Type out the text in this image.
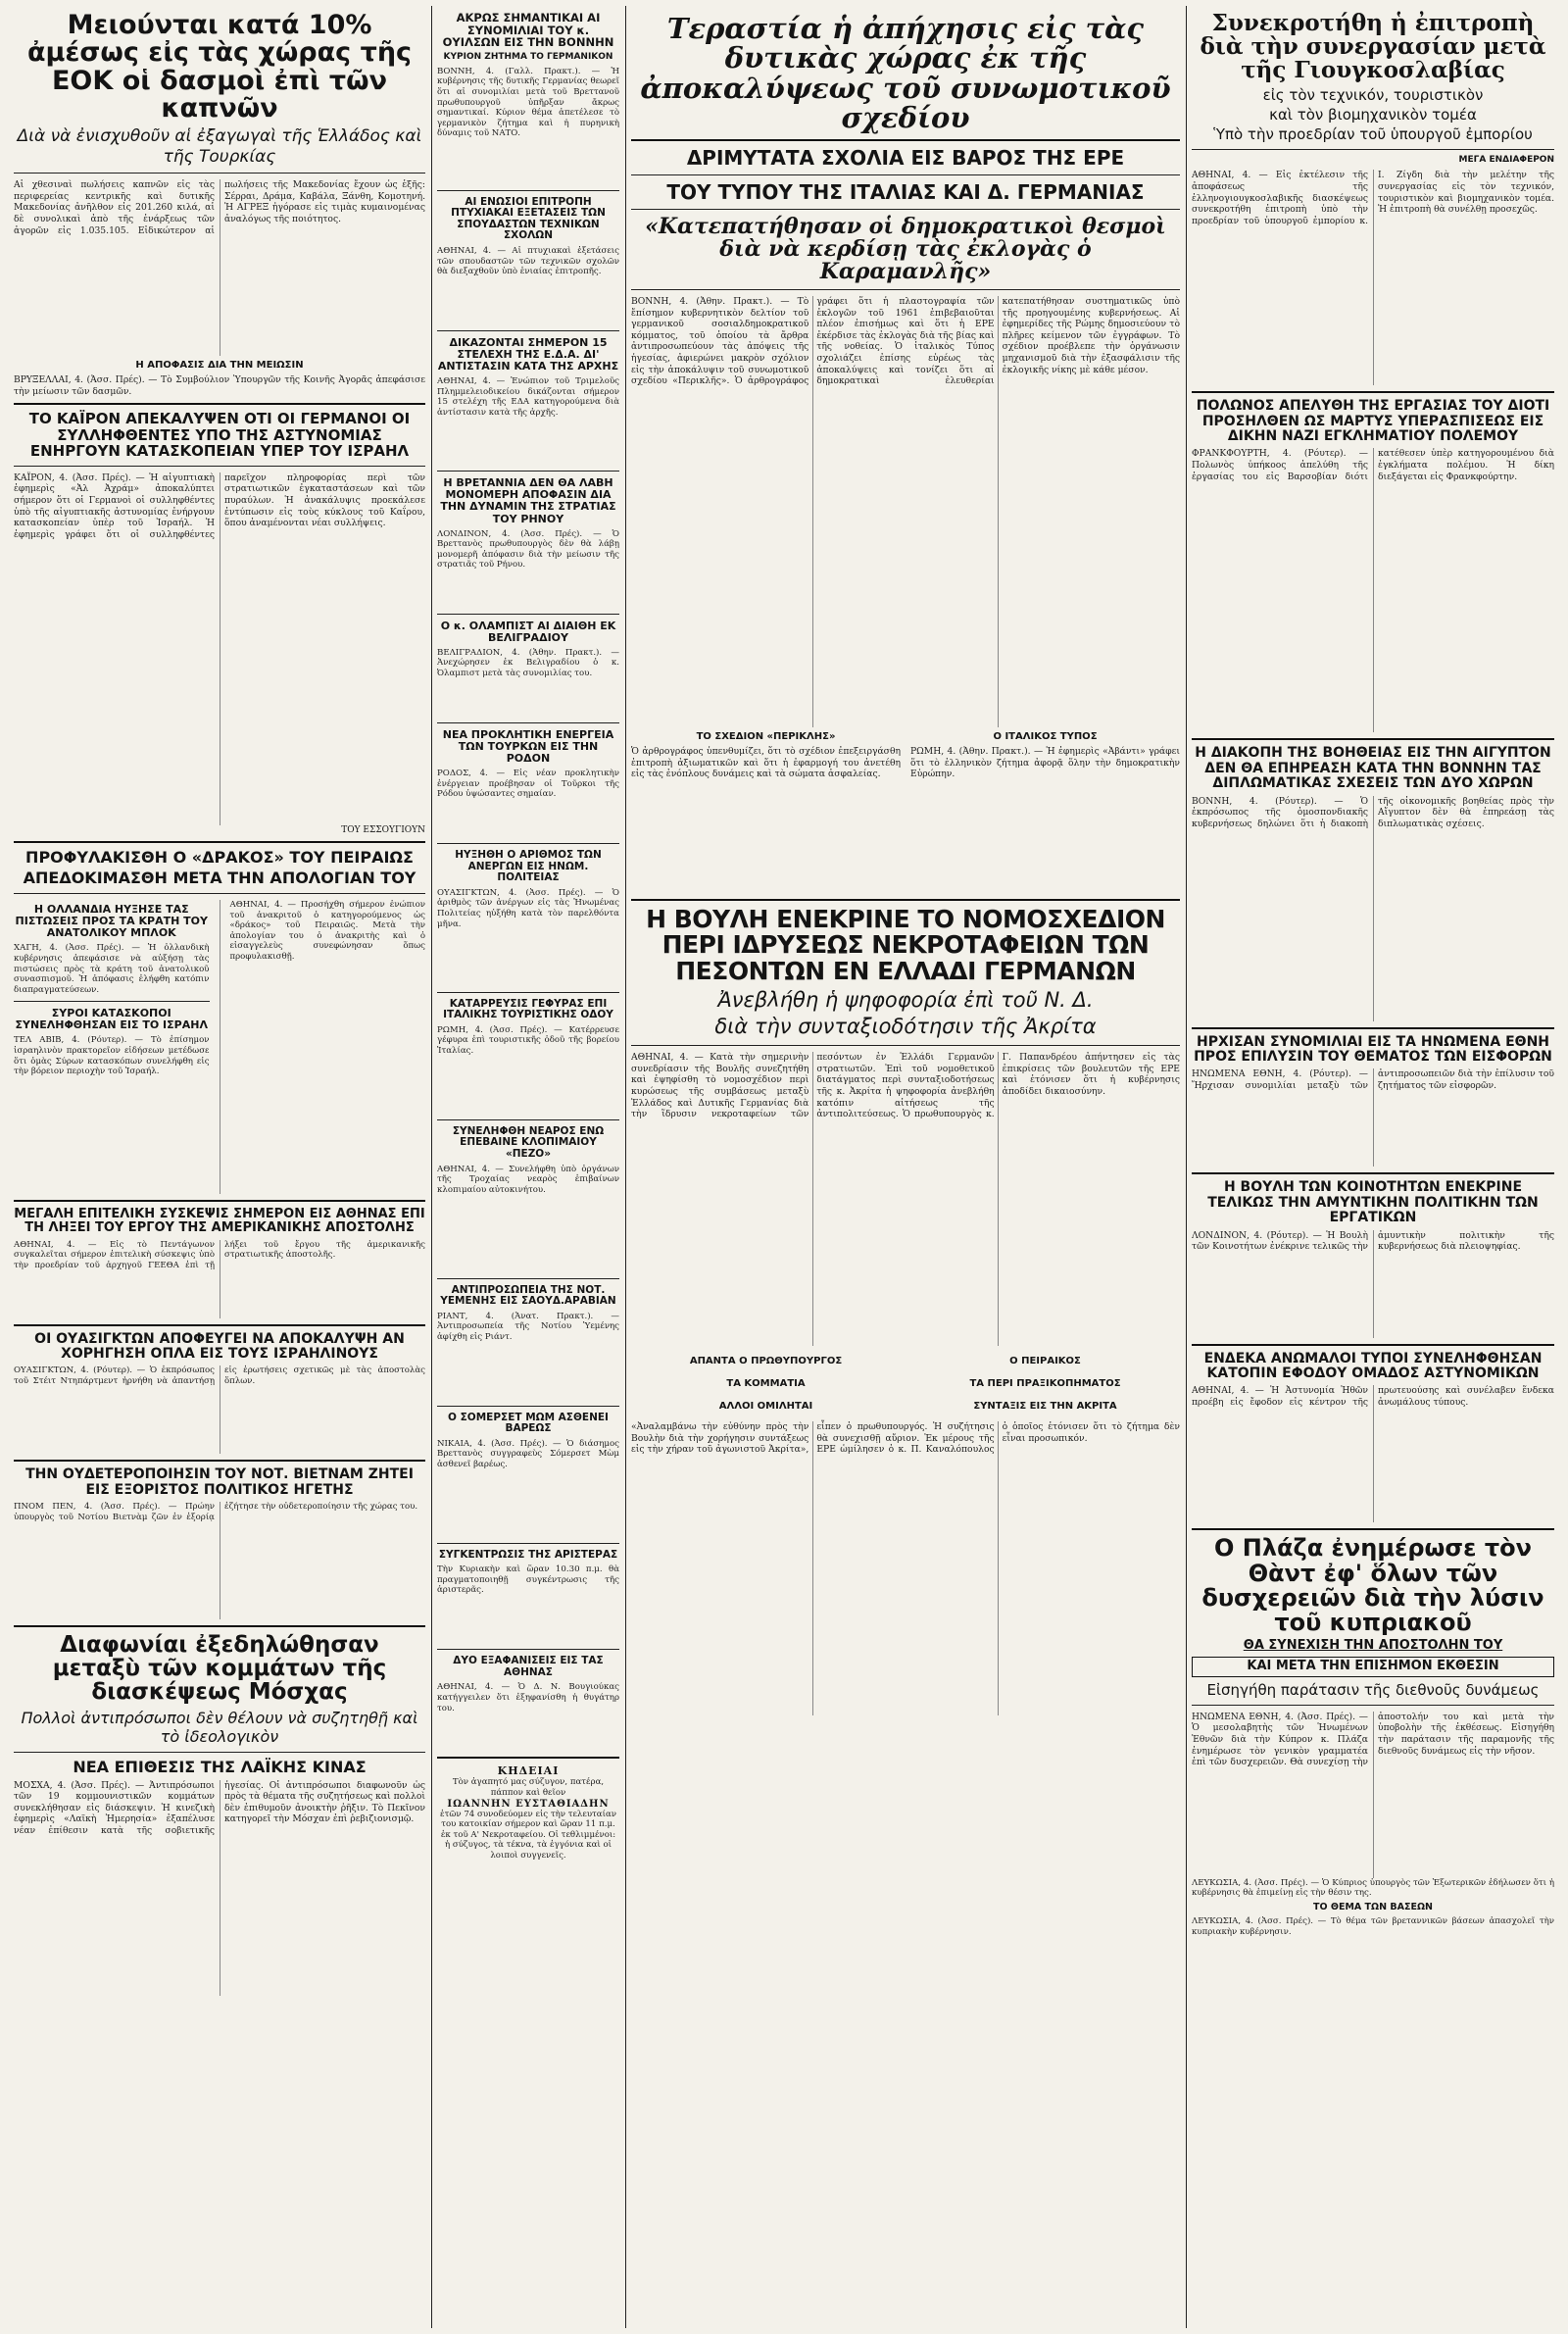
Μειούνται κατά 10% ἀμέσως εἰς τὰς χώρας τῆς ΕΟΚ οἱ δασμοὶ ἐπὶ τῶν καπνῶν
Διὰ νὰ ἐνισχυθοῦν αἱ ἐξαγωγαὶ τῆς Ἑλλάδος καὶ τῆς Τουρκίας

Αἱ χθεσιναὶ πωλήσεις καπνῶν εἰς τὰς περιφερείας κεντρικῆς καὶ δυτικῆς Μακεδονίας ἀνῆλθον εἰς 201.260 κιλά, αἱ δὲ συνολικαὶ ἀπὸ τῆς ἐνάρξεως τῶν ἀγορῶν εἰς 1.035.105. Εἰδικώτερον αἱ πωλήσεις τῆς Μακεδονίας ἔχουν ὡς ἑξῆς: Σέρραι, Δράμα, Καβάλα, Ξάνθη, Κομοτηνή. Ἡ ΑΓΡΕΞ ἠγόρασε εἰς τιμὰς κυμαινομένας ἀναλόγως τῆς ποιότητος.

Η ΑΠΟΦΑΣΙΣ ΔΙΑ ΤΗΝ ΜΕΙΩΣΙΝ

ΒΡΥΞΕΛΛΑΙ, 4. (Ἀσσ. Πρές). — Τὸ Συμβούλιον Ὑπουργῶν τῆς Κοινῆς Ἀγορᾶς ἀπεφάσισε τὴν μείωσιν τῶν δασμῶν.

ΤΟ ΚΑΪΡΟΝ ΑΠΕΚΑΛΥΨΕΝ ΟΤΙ ΟΙ ΓΕΡΜΑΝΟΙ ΟΙ ΣΥΛΛΗΦΘΕΝΤΕΣ ΥΠΟ ΤΗΣ ΑΣΤΥΝΟΜΙΑΣ ΕΝΗΡΓΟΥΝ ΚΑΤΑΣΚΟΠΕΙΑΝ ΥΠΕΡ ΤΟΥ ΙΣΡΑΗΛ

ΚΑΪΡΟΝ, 4. (Ἀσσ. Πρές). — Ἡ αἰγυπτιακὴ ἐφημερὶς «Ἀλ Ἀχράμ» ἀποκαλύπτει σήμερον ὅτι οἱ Γερμανοὶ οἱ συλληφθέντες ὑπὸ τῆς αἰγυπτιακῆς ἀστυνομίας ἐνήργουν κατασκοπείαν ὑπὲρ τοῦ Ἰσραήλ. Ἡ ἐφημερὶς γράφει ὅτι οἱ συλληφθέντες παρεῖχον πληροφορίας περὶ τῶν στρατιωτικῶν ἐγκαταστάσεων καὶ τῶν πυραύλων. Ἡ ἀνακάλυψις προεκάλεσε ἐντύπωσιν εἰς τοὺς κύκλους τοῦ Καΐρου, ὅπου ἀναμένονται νέαι συλλήψεις.

ΤΟΥ ΕΣΣΟΥΓΙΟΥΝ
ΠΡΟΦΥΛΑΚΙΣΘΗ Ο «ΔΡΑΚΟΣ» ΤΟΥ ΠΕΙΡΑΙΩΣ
ΑΠΕΔΟΚΙΜΑΣΘΗ ΜΕΤΑ ΤΗΝ ΑΠΟΛΟΓΙΑΝ ΤΟΥ
Η ΟΛΛΑΝΔΙΑ ΗΥΞΗΣΕ ΤΑΣ ΠΙΣΤΩΣΕΙΣ ΠΡΟΣ ΤΑ ΚΡΑΤΗ ΤΟΥ ΑΝΑΤΟΛΙΚΟΥ ΜΠΛΟΚ

ΧΑΓΗ, 4. (Ἀσσ. Πρές). — Ἡ ὀλλανδικὴ κυβέρνησις ἀπεφάσισε νὰ αὐξήσῃ τὰς πιστώσεις πρὸς τὰ κράτη τοῦ ἀνατολικοῦ συνασπισμοῦ. Ἡ ἀπόφασις ἐλήφθη κατόπιν διαπραγματεύσεων.

ΣΥΡΟΙ ΚΑΤΑΣΚΟΠΟΙ ΣΥΝΕΛΗΦΘΗΣΑΝ ΕΙΣ ΤΟ ΙΣΡΑΗΛ

ΤΕΛ ΑΒΙΒ, 4. (Ρόυτερ). — Τὸ ἐπίσημον ἰσραηλινὸν πρακτορεῖον εἰδήσεων μετέδωσε ὅτι ὁμὰς Σύρων κατασκόπων συνελήφθη εἰς τὴν βόρειον περιοχὴν τοῦ Ἰσραήλ.

ΑΘΗΝΑΙ, 4. — Προσήχθη σήμερον ἐνώπιον τοῦ ἀνακριτοῦ ὁ κατηγορούμενος ὡς «δράκος» τοῦ Πειραιῶς. Μετὰ τὴν ἀπολογίαν του ὁ ἀνακριτὴς καὶ ὁ εἰσαγγελεὺς συνεφώνησαν ὅπως προφυλακισθῇ.

ΜΕΓΑΛΗ ΕΠΙΤΕΛΙΚΗ ΣΥΣΚΕΨΙΣ ΣΗΜΕΡΟΝ ΕΙΣ ΑΘΗΝΑΣ ΕΠΙ ΤΗ ΛΗΞΕΙ ΤΟΥ ΕΡΓΟΥ ΤΗΣ ΑΜΕΡΙΚΑΝΙΚΗΣ ΑΠΟΣΤΟΛΗΣ

ΑΘΗΝΑΙ, 4. — Εἰς τὸ Πεντάγωνον συγκαλεῖται σήμερον ἐπιτελικὴ σύσκεψις ὑπὸ τὴν προεδρίαν τοῦ ἀρχηγοῦ ΓΕΕΘΑ ἐπὶ τῇ λήξει τοῦ ἔργου τῆς ἀμερικανικῆς στρατιωτικῆς ἀποστολῆς.

ΟΙ ΟΥΑΣΙΓΚΤΩΝ ΑΠΟΦΕΥΓΕΙ ΝΑ ΑΠΟΚΑΛΥΨΗ ΑΝ ΧΟΡΗΓΗΣΗ ΟΠΛΑ ΕΙΣ ΤΟΥΣ ΙΣΡΑΗΛΙΝΟΥΣ

ΟΥΑΣΙΓΚΤΩΝ, 4. (Ρόυτερ). — Ὁ ἐκπρόσωπος τοῦ Στέιτ Ντηπάρτμεντ ἠρνήθη νὰ ἀπαντήσῃ εἰς ἐρωτήσεις σχετικῶς μὲ τὰς ἀποστολὰς ὅπλων.

ΤΗΝ ΟΥΔΕΤΕΡΟΠΟΙΗΣΙΝ ΤΟΥ ΝΟΤ. ΒΙΕΤΝΑΜ ΖΗΤΕΙ ΕΙΣ ΕΞΟΡΙΣΤΟΣ ΠΟΛΙΤΙΚΟΣ ΗΓΕΤΗΣ

ΠΝΟΜ ΠΕΝ, 4. (Ἀσσ. Πρές). — Πρώην ὑπουργὸς τοῦ Νοτίου Βιετνὰμ ζῶν ἐν ἐξορίᾳ ἐζήτησε τὴν οὐδετεροποίησιν τῆς χώρας του.

Διαφωνίαι ἐξεδηλώθησαν μεταξὺ τῶν κομμάτων τῆς διασκέψεως Μόσχας
Πολλοὶ ἀντιπρόσωποι δὲν θέλουν νὰ συζητηθῇ καὶ τὸ ἰδεολογικὸν
ΝΕΑ ΕΠΙΘΕΣΙΣ ΤΗΣ ΛΑΪΚΗΣ ΚΙΝΑΣ

ΜΟΣΧΑ, 4. (Ἀσσ. Πρές). — Ἀντιπρόσωποι τῶν 19 κομμουνιστικῶν κομμάτων συνεκλήθησαν εἰς διάσκεψιν. Ἡ κινεζικὴ ἐφημερὶς «Λαϊκὴ Ἡμερησία» ἐξαπέλυσε νέαν ἐπίθεσιν κατὰ τῆς σοβιετικῆς ἡγεσίας. Οἱ ἀντιπρόσωποι διαφωνοῦν ὡς πρὸς τὰ θέματα τῆς συζητήσεως καὶ πολλοὶ δὲν ἐπιθυμοῦν ἀνοικτὴν ῥῆξιν. Τὸ Πεκῖνον κατηγορεῖ τὴν Μόσχαν ἐπὶ ῥεβιζιονισμῷ.

ΑΚΡΩΣ ΣΗΜΑΝΤΙΚΑΙ ΑΙ ΣΥΝΟΜΙΛΙΑΙ ΤΟΥ κ. ΟΥΙΛΣΩΝ ΕΙΣ ΤΗΝ ΒΟΝΝΗΝ
ΚΥΡΙΟΝ ΖΗΤΗΜΑ ΤΟ ΓΕΡΜΑΝΙΚΟΝ

ΒΟΝΝΗ, 4. (Γαλλ. Πρακτ.). — Ἡ κυβέρνησις τῆς δυτικῆς Γερμανίας θεωρεῖ ὅτι αἱ συνομιλίαι μετὰ τοῦ Βρεττανοῦ πρωθυπουργοῦ ὑπῆρξαν ἄκρως σημαντικαί. Κύριον θέμα ἀπετέλεσε τὸ γερμανικὸν ζήτημα καὶ ἡ πυρηνικὴ δύναμις τοῦ ΝΑΤΟ.

ΑΙ ΕΝΩΣΙΟΙ ΕΠΙΤΡΟΠΗ ΠΤΥΧΙΑΚΑΙ ΕΞΕΤΑΣΕΙΣ ΤΩΝ ΣΠΟΥΔΑΣΤΩΝ ΤΕΧΝΙΚΩΝ ΣΧΟΛΩΝ

ΑΘΗΝΑΙ, 4. — Αἱ πτυχιακαὶ ἐξετάσεις τῶν σπουδαστῶν τῶν τεχνικῶν σχολῶν θὰ διεξαχθοῦν ὑπὸ ἑνιαίας ἐπιτροπῆς.

ΔΙΚΑΖΟΝΤΑΙ ΣΗΜΕΡΟΝ 15 ΣΤΕΛΕΧΗ ΤΗΣ Ε.Δ.Α. ΔΙ' ΑΝΤΙΣΤΑΣΙΝ ΚΑΤΑ ΤΗΣ ΑΡΧΗΣ

ΑΘΗΝΑΙ, 4. — Ἐνώπιον τοῦ Τριμελοῦς Πλημμελειοδικείου δικάζονται σήμερον 15 στελέχη τῆς ΕΔΑ κατηγορούμενα διὰ ἀντίστασιν κατὰ τῆς ἀρχῆς.

Η ΒΡΕΤΑΝΝΙΑ ΔΕΝ ΘΑ ΛΑΒΗ ΜΟΝΟΜΕΡΗ ΑΠΟΦΑΣΙΝ ΔΙΑ ΤΗΝ ΔΥΝΑΜΙΝ ΤΗΣ ΣΤΡΑΤΙΑΣ ΤΟΥ ΡΗΝΟΥ

ΛΟΝΔΙΝΟΝ, 4. (Ἀσσ. Πρές). — Ὁ Βρεττανὸς πρωθυπουργὸς δὲν θὰ λάβῃ μονομερῆ ἀπόφασιν διὰ τὴν μείωσιν τῆς στρατιᾶς τοῦ Ρήνου.

Ο κ. ΟΛΑΜΠΙΣΤ ΑΙ ΔΙΑΙΘΗ ΕΚ ΒΕΛΙΓΡΑΔΙΟΥ

ΒΕΛΙΓΡΑΔΙΟΝ, 4. (Ἀθην. Πρακτ.). — Ἀνεχώρησεν ἐκ Βελιγραδίου ὁ κ. Ὀλαμπιστ μετὰ τὰς συνομιλίας του.

ΝΕΑ ΠΡΟΚΛΗΤΙΚΗ ΕΝΕΡΓΕΙΑ ΤΩΝ ΤΟΥΡΚΩΝ ΕΙΣ ΤΗΝ ΡΟΔΟΝ

ΡΟΔΟΣ, 4. — Εἰς νέαν προκλητικὴν ἐνέργειαν προέβησαν οἱ Τοῦρκοι τῆς Ρόδου ὑψώσαντες σημαίαν.

ΗΥΞΗΘΗ Ο ΑΡΙΘΜΟΣ ΤΩΝ ΑΝΕΡΓΩΝ ΕΙΣ ΗΝΩΜ. ΠΟΛΙΤΕΙΑΣ

ΟΥΑΣΙΓΚΤΩΝ, 4. (Ἀσσ. Πρές). — Ὁ ἀριθμὸς τῶν ἀνέργων εἰς τὰς Ἡνωμένας Πολιτείας ηὐξήθη κατὰ τὸν παρελθόντα μῆνα.

ΚΑΤΑΡΡΕΥΣΙΣ ΓΕΦΥΡΑΣ ΕΠΙ ΙΤΑΛΙΚΗΣ ΤΟΥΡΙΣΤΙΚΗΣ ΟΔΟΥ

ΡΩΜΗ, 4. (Ἀσσ. Πρές). — Κατέρρευσε γέφυρα ἐπὶ τουριστικῆς ὁδοῦ τῆς βορείου Ἰταλίας.

ΣΥΝΕΛΗΦΘΗ ΝΕΑΡΟΣ ΕΝΩ ΕΠΕΒΑΙΝΕ ΚΛΟΠΙΜΑΙΟΥ «ΠΕΖΟ»

ΑΘΗΝΑΙ, 4. — Συνελήφθη ὑπὸ ὀργάνων τῆς Τροχαίας νεαρὸς ἐπιβαίνων κλοπιμαίου αὐτοκινήτου.

ΑΝΤΙΠΡΟΣΩΠΕΙΑ ΤΗΣ ΝΟΤ. ΥΕΜΕΝΗΣ ΕΙΣ ΣΑΟΥΔ.ΑΡΑΒΙΑΝ

ΡΙΑΝΤ, 4. (Ἀνατ. Πρακτ.). — Ἀντιπροσωπεία τῆς Νοτίου Ὑεμένης ἀφίχθη εἰς Ριάντ.

Ο ΣΟΜΕΡΣΕΤ ΜΩΜ ΑΣΘΕΝΕΙ ΒΑΡΕΩΣ

ΝΙΚΑΙΑ, 4. (Ἀσσ. Πρές). — Ὁ διάσημος Βρεττανὸς συγγραφεὺς Σόμερσετ Μὼμ ἀσθενεῖ βαρέως.

ΣΥΓΚΕΝΤΡΩΣΙΣ ΤΗΣ ΑΡΙΣΤΕΡΑΣ

Τὴν Κυριακὴν καὶ ὥραν 10.30 π.μ. θὰ πραγματοποιηθῇ συγκέντρωσις τῆς ἀριστερᾶς.

ΔΥΟ ΕΞΑΦΑΝΙΣΕΙΣ ΕΙΣ ΤΑΣ ΑΘΗΝΑΣ

ΑΘΗΝΑΙ, 4. — Ὁ Δ. Ν. Βουγιούκας κατήγγειλεν ὅτι ἐξηφανίσθη ἡ θυγάτηρ του.

ΚΗΔΕΙΑΙ

Τὸν ἀγαπητό μας σύζυγον, πατέρα, πάππον καὶ θεῖον

ΙΩΑΝΝΗΝ ΕΥΣΤΑΘΙΑΔΗΝ

ἐτῶν 74 συνοδεύομεν εἰς τὴν τελευταίαν του κατοικίαν σήμερον καὶ ὥραν 11 π.μ. ἐκ τοῦ Α' Νεκροταφείου. Οἱ τεθλιμμένοι: ἡ σύζυγος, τὰ τέκνα, τὰ ἐγγόνια καὶ οἱ λοιποὶ συγγενεῖς.

Τεραστία ἡ ἀπήχησις εἰς τὰς δυτικὰς χώρας ἐκ τῆς ἀποκαλύψεως τοῦ συνωμοτικοῦ σχεδίου
ΔΡΙΜΥΤΑΤΑ ΣΧΟΛΙΑ ΕΙΣ ΒΑΡΟΣ ΤΗΣ ΕΡΕ
ΤΟΥ ΤΥΠΟΥ ΤΗΣ ΙΤΑΛΙΑΣ ΚΑΙ Δ. ΓΕΡΜΑΝΙΑΣ
«Κατεπατήθησαν οἱ δημοκρατικοὶ θεσμοὶ διὰ νὰ κερδίσῃ τὰς ἐκλογὰς ὁ Καραμανλῆς»

ΒΟΝΝΗ, 4. (Ἀθην. Πρακτ.). — Τὸ ἔπίσημον κυβερνητικὸν δελτίον τοῦ γερμανικοῦ σοσιαλδημοκρατικοῦ κόμματος, τοῦ ὁποίου τὰ ἄρθρα ἀντιπροσωπεύουν τὰς ἀπόψεις τῆς ἡγεσίας, ἀφιερώνει μακρὸν σχόλιον εἰς τὴν ἀποκάλυψιν τοῦ συνωμοτικοῦ σχεδίου «Περικλῆς». Ὁ ἀρθρογράφος γράφει ὅτι ἡ πλαστογραφία τῶν ἐκλογῶν τοῦ 1961 ἐπιβεβαιοῦται πλέον ἐπισήμως καὶ ὅτι ἡ ΕΡΕ ἐκέρδισε τὰς ἐκλογὰς διὰ τῆς βίας καὶ τῆς νοθείας. Ὁ ἰταλικὸς Τύπος σχολιάζει ἐπίσης εὐρέως τὰς ἀποκαλύψεις καὶ τονίζει ὅτι αἱ δημοκρατικαὶ ἐλευθερίαι κατεπατήθησαν συστηματικῶς ὑπὸ τῆς προηγουμένης κυβερνήσεως. Αἱ ἐφημερίδες τῆς Ρώμης δημοσιεύουν τὸ πλῆρες κείμενον τῶν ἐγγράφων. Τὸ σχέδιον προέβλεπε τὴν ὀργάνωσιν μηχανισμοῦ διὰ τὴν ἐξασφάλισιν τῆς ἐκλογικῆς νίκης μὲ κάθε μέσον.

ΤΟ ΣΧΕΔΙΟΝ «ΠΕΡΙΚΛΗΣ»	Ο ΙΤΑΛΙΚΟΣ ΤΥΠΟΣ

Ὁ ἀρθρογράφος ὑπενθυμίζει, ὅτι τὸ σχέδιον ἐπεξειργάσθη ἐπιτροπὴ ἀξιωματικῶν καὶ ὅτι ἡ ἐφαρμογή του ἀνετέθη εἰς τὰς ἐνόπλους δυνάμεις καὶ τὰ σώματα ἀσφαλείας.

ΡΩΜΗ, 4. (Ἀθην. Πρακτ.). — Ἡ ἐφημερὶς «Ἀβάντι» γράφει ὅτι τὸ ἑλληνικὸν ζήτημα ἀφορᾷ ὅλην τὴν δημοκρατικὴν Εὐρώπην.

Η ΒΟΥΛΗ ΕΝΕΚΡΙΝΕ ΤΟ ΝΟΜΟΣΧΕΔΙΟΝ ΠΕΡΙ ΙΔΡΥΣΕΩΣ ΝΕΚΡΟΤΑΦΕΙΩΝ ΤΩΝ ΠΕΣΟΝΤΩΝ ΕΝ ΕΛΛΑΔΙ ΓΕΡΜΑΝΩΝ
Ἀνεβλήθη ἡ ψηφοφορία ἐπὶ τοῦ Ν. Δ.
διὰ τὴν συνταξιοδότησιν τῆς Ἀκρίτα

ΑΘΗΝΑΙ, 4. — Κατὰ τὴν σημερινὴν συνεδρίασιν τῆς Βουλῆς συνεζητήθη καὶ ἐψηφίσθη τὸ νομοσχέδιον περὶ κυρώσεως τῆς συμβάσεως μεταξὺ Ἑλλάδος καὶ Δυτικῆς Γερμανίας διὰ τὴν ἵδρυσιν νεκροταφείων τῶν πεσόντων ἐν Ἑλλάδι Γερμανῶν στρατιωτῶν. Ἐπὶ τοῦ νομοθετικοῦ διατάγματος περὶ συνταξιοδοτήσεως τῆς κ. Ἀκρίτα ἡ ψηφοφορία ἀνεβλήθη κατόπιν αἰτήσεως τῆς ἀντιπολιτεύσεως. Ὁ πρωθυπουργὸς κ. Γ. Παπανδρέου ἀπήντησεν εἰς τὰς ἐπικρίσεις τῶν βουλευτῶν τῆς ΕΡΕ καὶ ἐτόνισεν ὅτι ἡ κυβέρνησις ἀποδίδει δικαιοσύνην.

ΑΠΑΝΤΑ Ο ΠΡΩΘΥΠΟΥΡΓΟΣ	Ο ΠΕΙΡΑΙΚΟΣ
ΤΑ ΚΟΜΜΑΤΙΑ	ΤΑ ΠΕΡΙ ΠΡΑΞΙΚΟΠΗΜΑΤΟΣ
ΑΛΛΟΙ ΟΜΙΛΗΤΑΙ	ΣΥΝΤΑΞΙΣ ΕΙΣ ΤΗΝ ΑΚΡΙΤΑ

«Ἀναλαμβάνω τὴν εὐθύνην πρὸς τὴν Βουλὴν διὰ τὴν χορήγησιν συντάξεως εἰς τὴν χήραν τοῦ ἀγωνιστοῦ Ἀκρίτα», εἶπεν ὁ πρωθυπουργός. Ἡ συζήτησις θὰ συνεχισθῇ αὔριον. Ἐκ μέρους τῆς ΕΡΕ ὡμίλησεν ὁ κ. Π. Καναλόπουλος ὁ ὁποῖος ἐτόνισεν ὅτι τὸ ζήτημα δὲν εἶναι προσωπικόν.

Συνεκροτήθη ἡ ἐπιτροπὴ διὰ τὴν συνεργασίαν μετὰ τῆς Γιουγκοσλαβίας
εἰς τὸν τεχνικόν, τουριστικὸν
καὶ τὸν βιομηχανικὸν τομέα
Ὑπὸ τὴν προεδρίαν τοῦ ὑπουργοῦ ἐμπορίου
ΜΕΓΑ ΕΝΔΙΑΦΕΡΟΝ

ΑΘΗΝΑΙ, 4. — Εἰς ἐκτέλεσιν τῆς ἀποφάσεως τῆς ἑλληνογιουγκοσλαβικῆς διασκέψεως συνεκροτήθη ἐπιτροπὴ ὑπὸ τὴν προεδρίαν τοῦ ὑπουργοῦ ἐμπορίου κ. Ι. Ζίγδη διὰ τὴν μελέτην τῆς συνεργασίας εἰς τὸν τεχνικόν, τουριστικὸν καὶ βιομηχανικὸν τομέα. Ἡ ἐπιτροπὴ θὰ συνέλθῃ προσεχῶς.

ΠΟΛΩΝΟΣ ΑΠΕΛΥΘΗ ΤΗΣ ΕΡΓΑΣΙΑΣ ΤΟΥ ΔΙΟΤΙ ΠΡΟΣΗΛΘΕΝ ΩΣ ΜΑΡΤΥΣ ΥΠΕΡΑΣΠΙΣΕΩΣ ΕΙΣ ΔΙΚΗΝ ΝΑΖΙ ΕΓΚΛΗΜΑΤΙΟΥ ΠΟΛΕΜΟΥ

ΦΡΑΝΚΦΟΥΡΤΗ, 4. (Ρόυτερ). — Πολωνὸς ὑπήκοος ἀπελύθη τῆς ἐργασίας του εἰς Βαρσοβίαν διότι κατέθεσεν ὑπὲρ κατηγορουμένου διὰ ἐγκλήματα πολέμου. Ἡ δίκη διεξάγεται εἰς Φρανκφούρτην.

Η ΔΙΑΚΟΠΗ ΤΗΣ ΒΟΗΘΕΙΑΣ ΕΙΣ ΤΗΝ ΑΙΓΥΠΤΟΝ ΔΕΝ ΘΑ ΕΠΗΡΕΑΣΗ ΚΑΤΑ ΤΗΝ ΒΟΝΝΗΝ ΤΑΣ ΔΙΠΛΩΜΑΤΙΚΑΣ ΣΧΕΣΕΙΣ ΤΩΝ ΔΥΟ ΧΩΡΩΝ

ΒΟΝΝΗ, 4. (Ρόυτερ). — Ὁ ἐκπρόσωπος τῆς ὁμοσπονδιακῆς κυβερνήσεως δηλώνει ὅτι ἡ διακοπὴ τῆς οἰκονομικῆς βοηθείας πρὸς τὴν Αἴγυπτον δὲν θὰ ἐπηρεάσῃ τὰς διπλωματικὰς σχέσεις.

ΗΡΧΙΣΑΝ ΣΥΝΟΜΙΛΙΑΙ ΕΙΣ ΤΑ ΗΝΩΜΕΝΑ ΕΘΝΗ ΠΡΟΣ ΕΠΙΛΥΣΙΝ ΤΟΥ ΘΕΜΑΤΟΣ ΤΩΝ ΕΙΣΦΟΡΩΝ

ΗΝΩΜΕΝΑ ΕΘΝΗ, 4. (Ρόυτερ). — Ἤρχισαν συνομιλίαι μεταξὺ τῶν ἀντιπροσωπειῶν διὰ τὴν ἐπίλυσιν τοῦ ζητήματος τῶν εἰσφορῶν.

Η ΒΟΥΛΗ ΤΩΝ ΚΟΙΝΟΤΗΤΩΝ ΕΝΕΚΡΙΝΕ ΤΕΛΙΚΩΣ ΤΗΝ ΑΜΥΝΤΙΚΗΝ ΠΟΛΙΤΙΚΗΝ ΤΩΝ ΕΡΓΑΤΙΚΩΝ

ΛΟΝΔΙΝΟΝ, 4. (Ρόυτερ). — Ἡ Βουλὴ τῶν Κοινοτήτων ἐνέκρινε τελικῶς τὴν ἀμυντικὴν πολιτικὴν τῆς κυβερνήσεως διὰ πλειοψηφίας.

ΕΝΔΕΚΑ ΑΝΩΜΑΛΟΙ ΤΥΠΟΙ ΣΥΝΕΛΗΦΘΗΣΑΝ ΚΑΤΟΠΙΝ ΕΦΟΔΟΥ ΟΜΑΔΟΣ ΑΣΤΥΝΟΜΙΚΩΝ

ΑΘΗΝΑΙ, 4. — Ἡ Ἀστυνομία Ἠθῶν προέβη εἰς ἔφοδον εἰς κέντρον τῆς πρωτευούσης καὶ συνέλαβεν ἕνδεκα ἀνωμάλους τύπους.

Ο Πλάζα ἐνημέρωσε τὸν Θὰντ ἐφ' ὅλων τῶν δυσχερειῶν διὰ τὴν λύσιν τοῦ κυπριακοῦ
ΘΑ ΣΥΝΕΧΙΣΗ ΤΗΝ ΑΠΟΣΤΟΛΗΝ ΤΟΥ
ΚΑΙ ΜΕΤΑ ΤΗΝ ΕΠΙΣΗΜΟΝ ΕΚΘΕΣΙΝ
Εἰσηγήθη παράτασιν τῆς διεθνοῦς δυνάμεως

ΗΝΩΜΕΝΑ ΕΘΝΗ, 4. (Ἀσσ. Πρές). — Ὁ μεσολαβητὴς τῶν Ἡνωμένων Ἐθνῶν διὰ τὴν Κύπρον κ. Πλάζα ἐνημέρωσε τὸν γενικὸν γραμματέα ἐπὶ τῶν δυσχερειῶν. Θὰ συνεχίσῃ τὴν ἀποστολήν του καὶ μετὰ τὴν ὑποβολὴν τῆς ἐκθέσεως. Εἰσηγήθη τὴν παράτασιν τῆς παραμονῆς τῆς διεθνοῦς δυνάμεως εἰς τὴν νῆσον.

ΛΕΥΚΩΣΙΑ, 4. (Ἀσσ. Πρές). — Ὁ Κύπριος ὑπουργὸς τῶν Ἐξωτερικῶν ἐδήλωσεν ὅτι ἡ κυβέρνησις θὰ ἐπιμείνῃ εἰς τὴν θέσιν της.

ΤΟ ΘΕΜΑ ΤΩΝ ΒΑΣΕΩΝ

ΛΕΥΚΩΣΙΑ, 4. (Ἀσσ. Πρές). — Τὸ θέμα τῶν βρεταννικῶν βάσεων ἀπασχολεῖ τὴν κυπριακὴν κυβέρνησιν.
